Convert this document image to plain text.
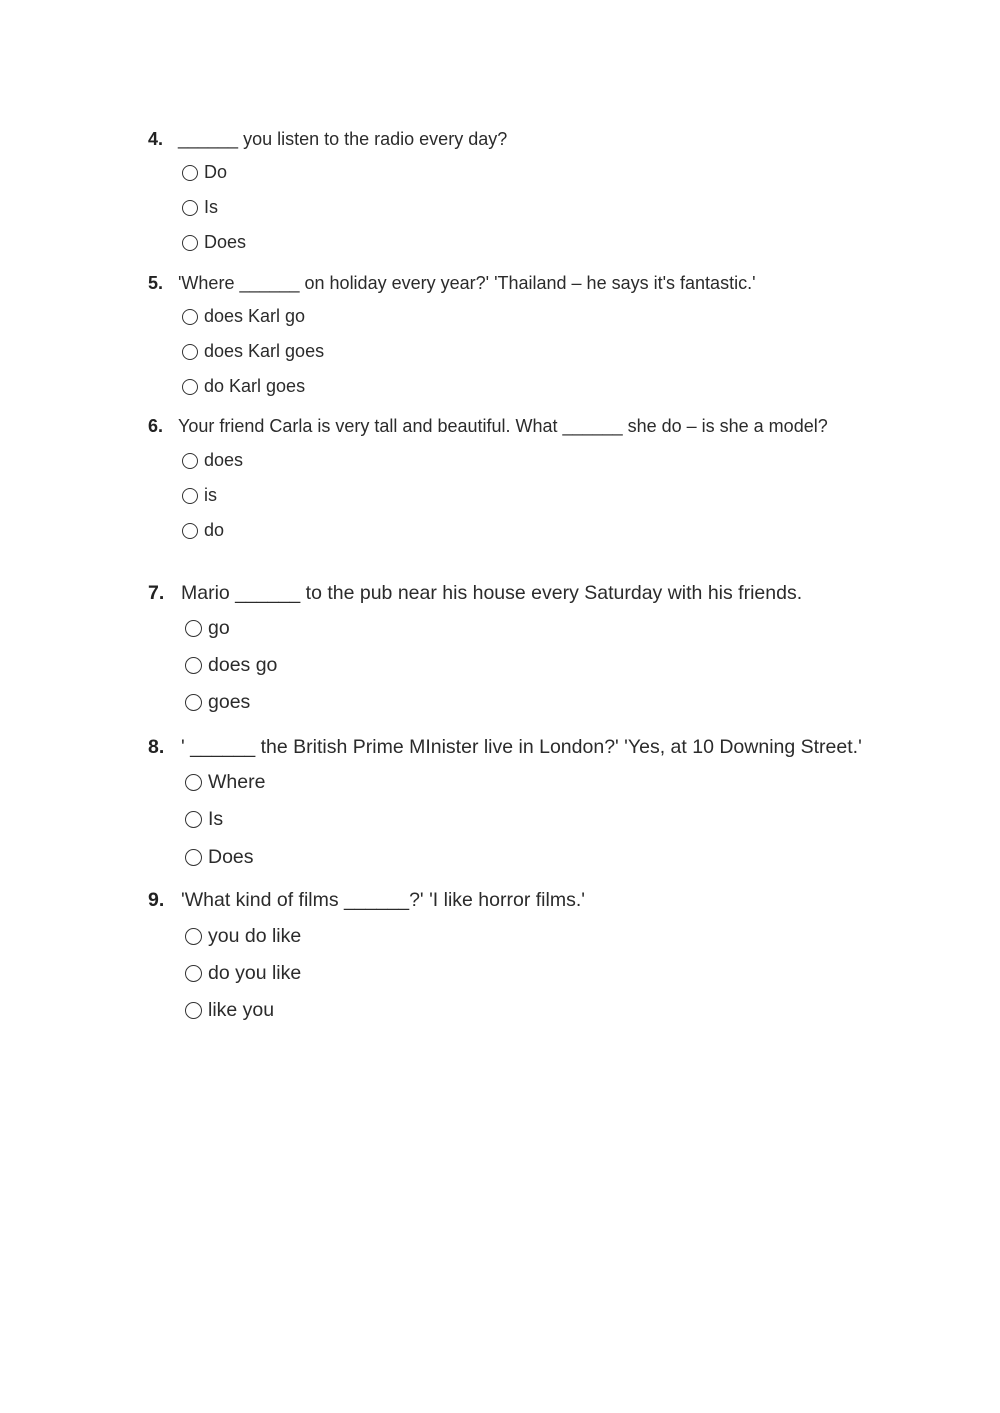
4. ______ you listen to the radio every day?
Do
Is
Does
5. 'Where ______ on holiday every year?' 'Thailand – he says it's fantastic.'
does Karl go
does Karl goes
do Karl goes
6. Your friend Carla is very tall and beautiful. What ______ she do – is she a model?
does
is
do
7. Mario ______ to the pub near his house every Saturday with his friends.
go
does go
goes
8. ' ______ the British Prime MInister live in London?' 'Yes, at 10 Downing Street.'
Where
Is
Does
9. 'What kind of films ______?' 'I like horror films.'
you do like
do you like
like you
